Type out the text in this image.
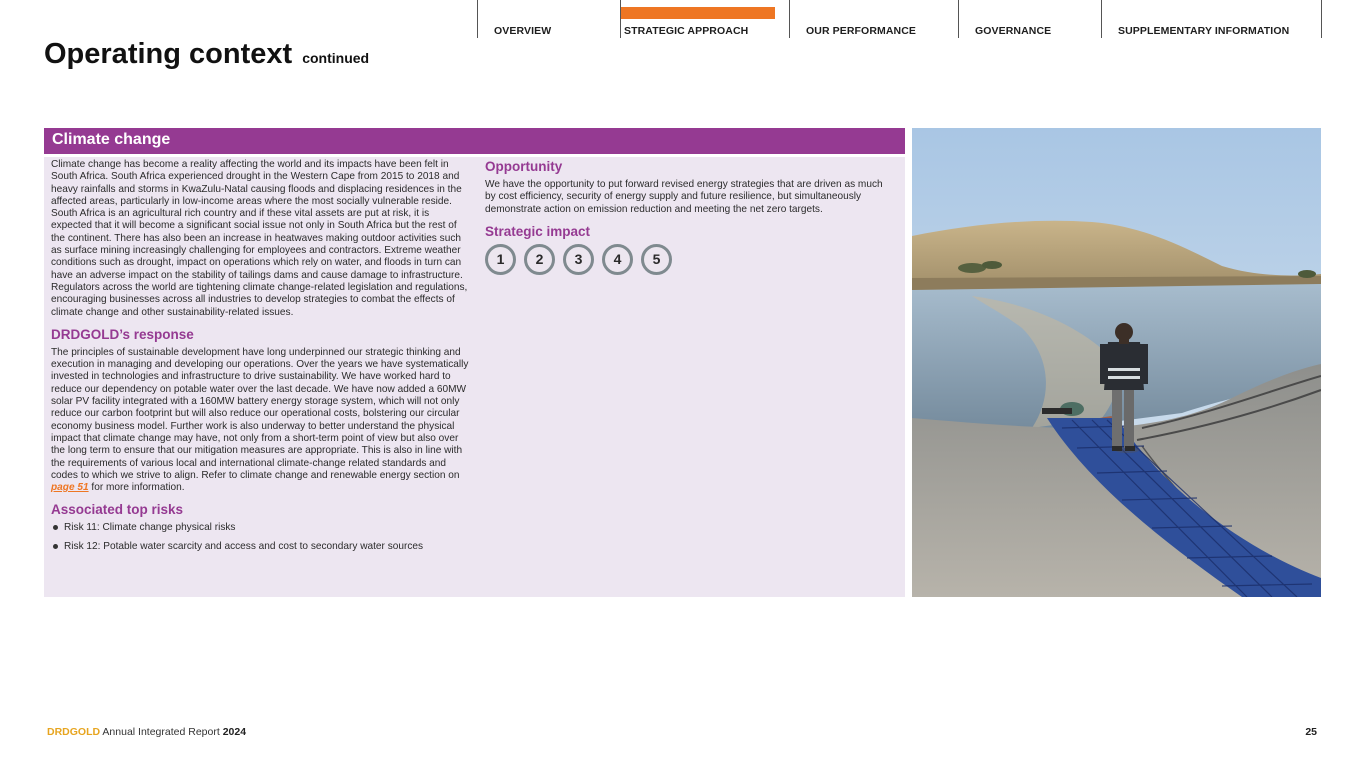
OVERVIEW	STRATEGIC APPROACH	OUR PERFORMANCE	GOVERNANCE	SUPPLEMENTARY INFORMATION
Operating context continued
Climate change

Climate change has become a reality affecting the world and its impacts have been felt in South Africa. South Africa experienced drought in the Western Cape from 2015 to 2018 and heavy rainfalls and storms in KwaZulu-Natal causing floods and displacing residences in the affected areas, particularly in low-income areas where the most socially vulnerable reside. South Africa is an agricultural rich country and if these vital assets are put at risk, it is expected that it will become a significant social issue not only in South Africa but the rest of the continent. There has also been an increase in heatwaves making outdoor activities such as surface mining increasingly challenging for employees and contractors. Extreme weather conditions such as drought, impact on operations which rely on water, and floods in turn can have an adverse impact on the stability of tailings dams and cause damage to infrastructure. Regulators across the world are tightening climate change-related legislation and regulations, encouraging businesses across all industries to develop strategies to combat the effects of climate change and other sustainability-related issues.

DRDGOLD’s response

The principles of sustainable development have long underpinned our strategic thinking and execution in managing and developing our operations. Over the years we have systematically invested in technologies and infrastructure to drive sustainability. We have worked hard to reduce our dependency on potable water over the last decade. We have now added a 60MW solar PV facility integrated with a 160MW battery energy storage system, which will not only reduce our carbon footprint but will also reduce our operational costs, bolstering our circular economy business model. Further work is also underway to better understand the physical impact that climate change may have, not only from a short-term point of view but also over the long term to ensure that our mitigation measures are appropriate. This is also in line with the requirements of various local and international climate-change related standards and codes to which we strive to align. Refer to climate change and renewable energy section on page 51 for more information.

Associated top risks
Risk 11: Climate change physical risks
Risk 12: Potable water scarcity and access and cost to secondary water sources
Opportunity

We have the opportunity to put forward revised energy strategies that are driven as much by cost efficiency, security of energy supply and future resilience, but simultaneously demonstrate action on emission reduction and meeting the net zero targets.

Strategic impact
1	2	3	4	5
DRDGOLD Annual Integrated Report 2024	25
